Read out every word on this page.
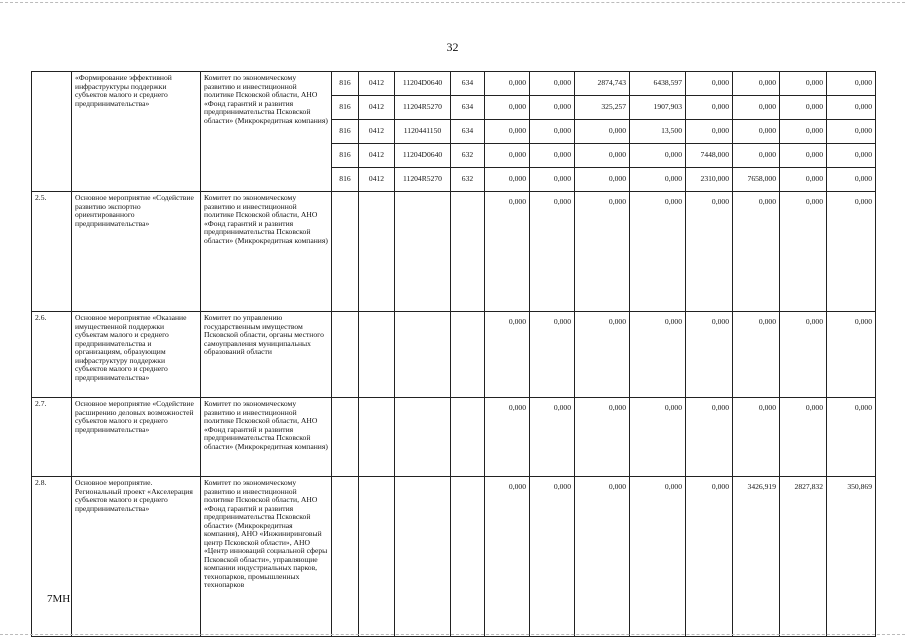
32
	«Формирование эффективной инфраструктуры поддержки субъектов малого и среднего предпринимательства»	Комитет по экономическому развитию и инвестиционной политике Псковской области, АНО «Фонд гарантий и развития предпринимательства Псковской области» (Микрокредитная компания)	816	0412	11204D0640	634	0,000	0,000	2874,743	6438,597	0,000	0,000	0,000	0,000
			816	0412	11204R5270	634	0,000	0,000	325,257	1907,903	0,000	0,000	0,000	0,000
			816	0412	1120441150	634	0,000	0,000	0,000	13,500	0,000	0,000	0,000	0,000
			816	0412	11204D0640	632	0,000	0,000	0,000	0,000	7448,000	0,000	0,000	0,000
			816	0412	11204R5270	632	0,000	0,000	0,000	0,000	2310,000	7658,000	0,000	0,000
2.5.	Основное мероприятие «Содействие развитию экспортно ориентированного предпринимательства»	Комитет по экономическому развитию и инвестиционной политике Псковской области, АНО «Фонд гарантий и развития предпринимательства Псковской области» (Микрокредитная компания)					0,000	0,000	0,000	0,000	0,000	0,000	0,000	0,000
2.6.	Основное мероприятие «Оказание имущественной поддержки субъектам малого и среднего предпринимательства и организациям, образующим инфраструктуру поддержки субъектов малого и среднего предпринимательства»	Комитет по управлению государственным имуществом Псковской области, органы местного самоуправления муниципальных образований области					0,000	0,000	0,000	0,000	0,000	0,000	0,000	0,000
2.7.	Основное мероприятие «Содействие расширению деловых возможностей субъектов малого и среднего предпринимательства»	Комитет по экономическому развитию и инвестиционной политике Псковской области, АНО «Фонд гарантий и развития предпринимательства Псковской области» (Микрокредитная компания)					0,000	0,000	0,000	0,000	0,000	0,000	0,000	0,000
2.8.	Основное мероприятие. Региональный проект «Акселерация субъектов малого и среднего предпринимательства»	Комитет по экономическому развитию и инвестиционной политике Псковской области, АНО «Фонд гарантий и развития предпринимательства Псковской области» (Микрокредитная компания), АНО «Инжиниринговый центр Псковской области», АНО «Центр инноваций социальной сферы Псковской области», управляющие компании индустриальных парков, технопарков, промышленных технопарков					0,000	0,000	0,000	0,000	0,000	3426,919	2827,832	350,869
7МН
